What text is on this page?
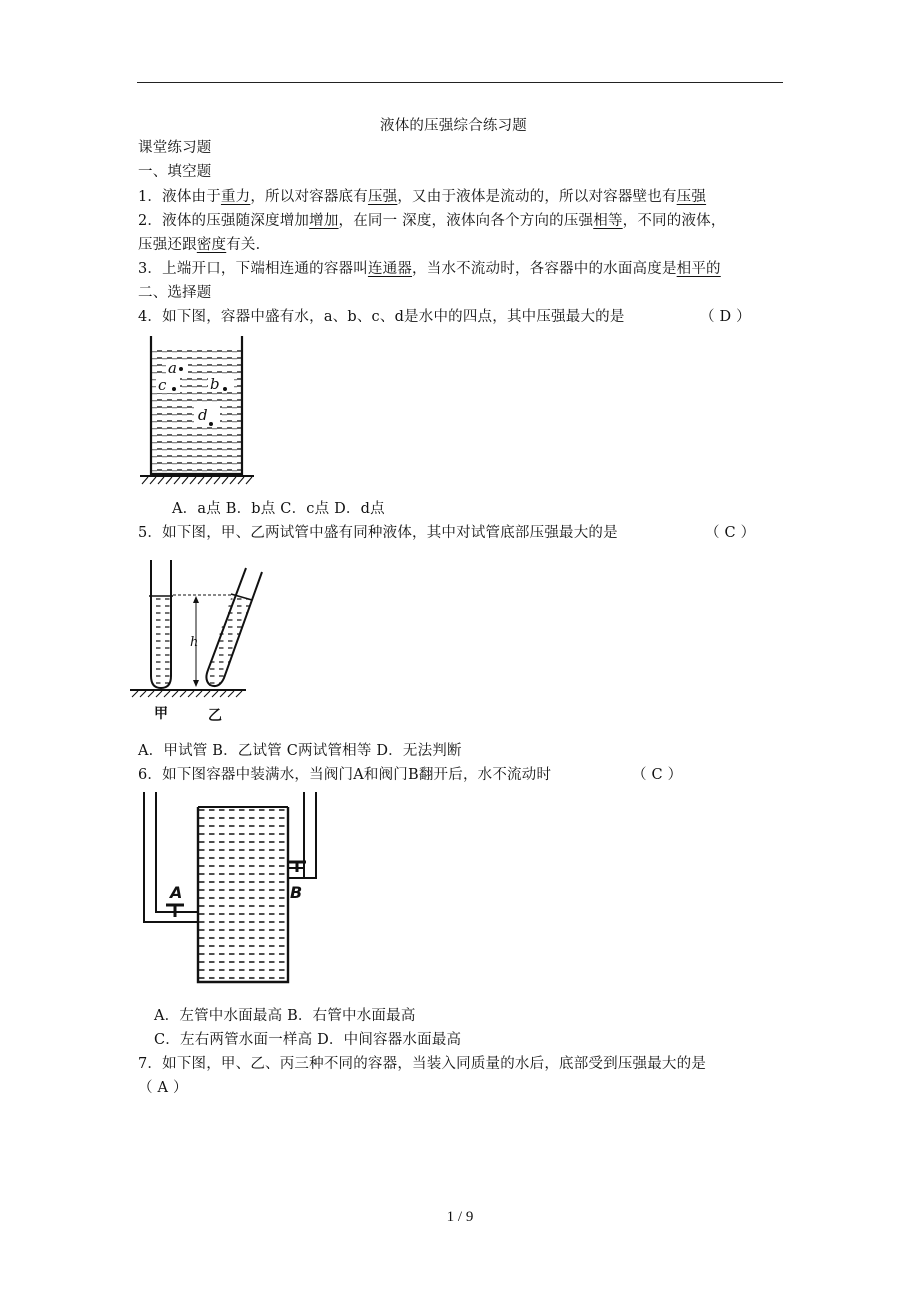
液体的压强综合练习题
课堂练习题
一、填空题
1．液体由于重力，所以对容器底有压强，又由于液体是流动的，所以对容器壁也有压强
2．液体的压强随深度增加增加，在同一 深度，液体向各个方向的压强相等，不同的液体，
压强还跟密度有关．
3．上端开口，下端相连通的容器叫连通器，当水不流动时，各容器中的水面高度是相平的
二、选择题
4．如下图，容器中盛有水，a、b、c、d是水中的四点，其中压强最大的是	（ D ）
a
c	b
d
A．a点 B．b点 C．c点 D．d点
5．如下图，甲、乙两试管中盛有同种液体，其中对试管底部压强最大的是	（ C ）
h
甲	乙
A．甲试管 B．乙试管 C两试管相等 D．无法判断
6．如下图容器中装满水，当阀门A和阀门B翻开后，水不流动时	（ C ）
A	B
A．左管中水面最高 B．右管中水面最高
C．左右两管水面一样高 D．中间容器水面最高
7．如下图，甲、乙、丙三种不同的容器，当装入同质量的水后，底部受到压强最大的是
（ A ）
1 / 9
